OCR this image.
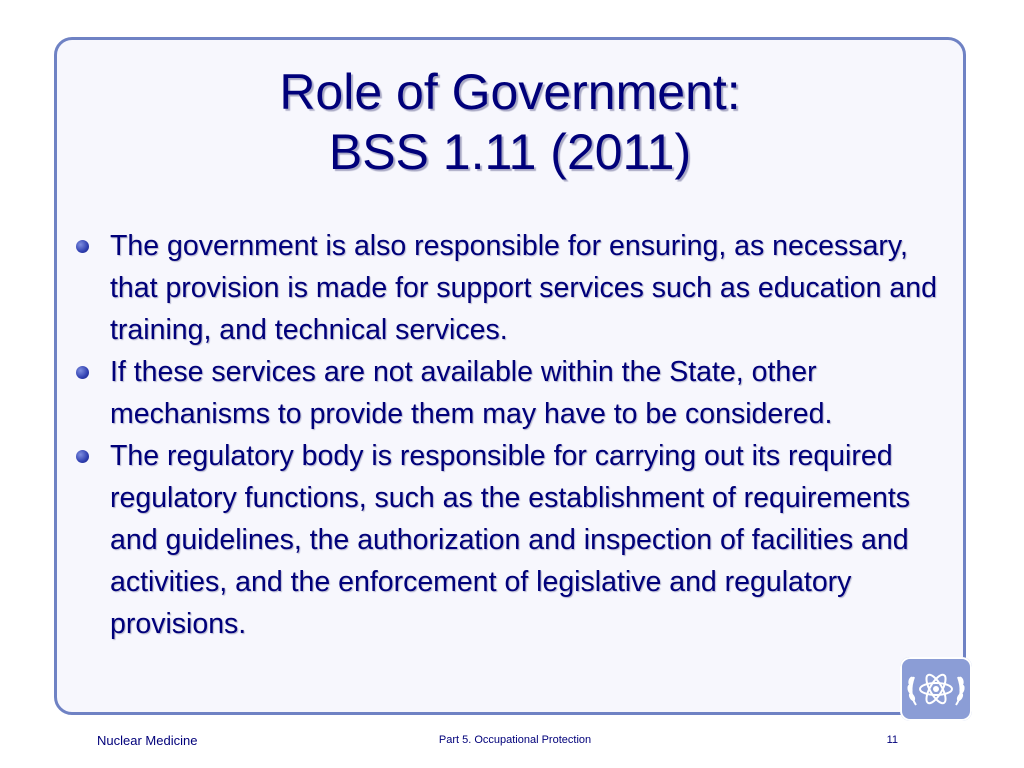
Role of Government:
BSS 1.11 (2011)
The government is also responsible for ensuring, as necessary, that provision is made for support services such as education and training, and technical services.
If these services are not available within the State, other mechanisms to provide them may have to be considered.
The regulatory body is responsible for carrying out its required regulatory functions, such as the establishment of requirements and guidelines, the authorization and inspection of facilities and activities, and the enforcement of legislative and regulatory provisions.
Nuclear Medicine	Part 5. Occupational Protection	11
